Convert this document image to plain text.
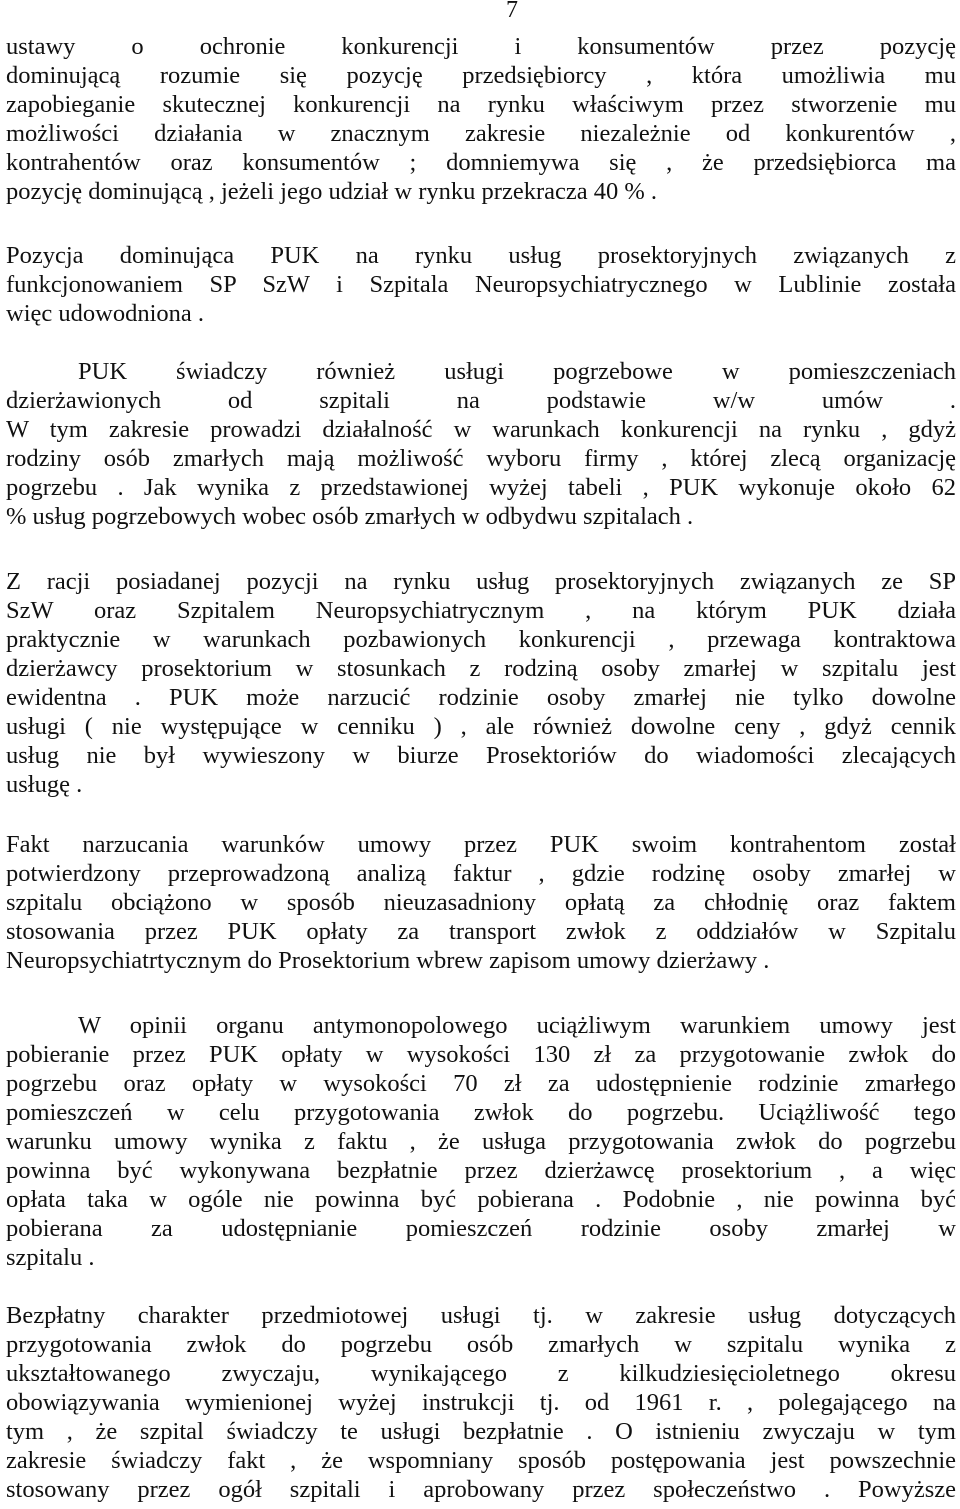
7
ustawy o ochronie konkurencji i konsumentów przez pozycję
dominującą rozumie się pozycję przedsiębiorcy , która umożliwia mu
zapobieganie skutecznej konkurencji na rynku właściwym przez stworzenie mu
możliwości działania w znacznym zakresie niezależnie od konkurentów ,
kontrahentów oraz konsumentów ; domniemywa się , że przedsiębiorca ma
pozycję dominującą , jeżeli jego udział w rynku przekracza 40 % .
Pozycja dominująca PUK na rynku usług prosektoryjnych związanych z
funkcjonowaniem SP SzW i Szpitala Neuropsychiatrycznego w Lublinie została
więc udowodniona .
PUK świadczy również usługi pogrzebowe w pomieszczeniach
dzierżawionych od szpitali na podstawie w/w umów .
W tym zakresie prowadzi działalność w warunkach konkurencji na rynku , gdyż
rodziny osób zmarłych mają możliwość wyboru firmy , której zlecą organizację
pogrzebu . Jak wynika z przedstawionej wyżej tabeli , PUK wykonuje około 62
% usług pogrzebowych wobec osób zmarłych w odbydwu szpitalach .
Z racji posiadanej pozycji na rynku usług prosektoryjnych związanych ze SP
SzW oraz Szpitalem Neuropsychiatrycznym , na którym PUK działa
praktycznie w warunkach pozbawionych konkurencji , przewaga kontraktowa
dzierżawcy prosektorium w stosunkach z rodziną osoby zmarłej w szpitalu jest
ewidentna . PUK może narzucić rodzinie osoby zmarłej nie tylko dowolne
usługi ( nie występujące w cenniku ) , ale również dowolne ceny , gdyż cennik
usług nie był wywieszony w biurze Prosektoriów do wiadomości zlecających
usługę .
Fakt narzucania warunków umowy przez PUK swoim kontrahentom został
potwierdzony przeprowadzoną analizą faktur , gdzie rodzinę osoby zmarłej w
szpitalu obciążono w sposób nieuzasadniony opłatą za chłodnię oraz faktem
stosowania przez PUK opłaty za transport zwłok z oddziałów w Szpitalu
Neuropsychiatrtycznym do Prosektorium wbrew zapisom umowy dzierżawy .
W opinii organu antymonopolowego uciążliwym warunkiem umowy jest
pobieranie przez PUK opłaty w wysokości 130 zł za przygotowanie zwłok do
pogrzebu oraz opłaty w wysokości 70 zł za udostępnienie rodzinie zmarłego
pomieszczeń w celu przygotowania zwłok do pogrzebu. Uciążliwość tego
warunku umowy wynika z faktu , że usługa przygotowania zwłok do pogrzebu
powinna być wykonywana bezpłatnie przez dzierżawcę prosektorium , a więc
opłata taka w ogóle nie powinna być pobierana . Podobnie , nie powinna być
pobierana za udostępnianie pomieszczeń rodzinie osoby zmarłej w
szpitalu .
Bezpłatny charakter przedmiotowej usługi tj. w zakresie usług dotyczących
przygotowania zwłok do pogrzebu osób zmarłych w szpitalu wynika z
ukształtowanego zwyczaju, wynikającego z kilkudziesięcioletnego okresu
obowiązywania wymienionej wyżej instrukcji tj. od 1961 r. , polegającego na
tym , że szpital świadczy te usługi bezpłatnie . O istnieniu zwyczaju w tym
zakresie świadczy fakt , że wspomniany sposób postępowania jest powszechnie
stosowany przez ogół szpitali i aprobowany przez społeczeństwo . Powyższe
